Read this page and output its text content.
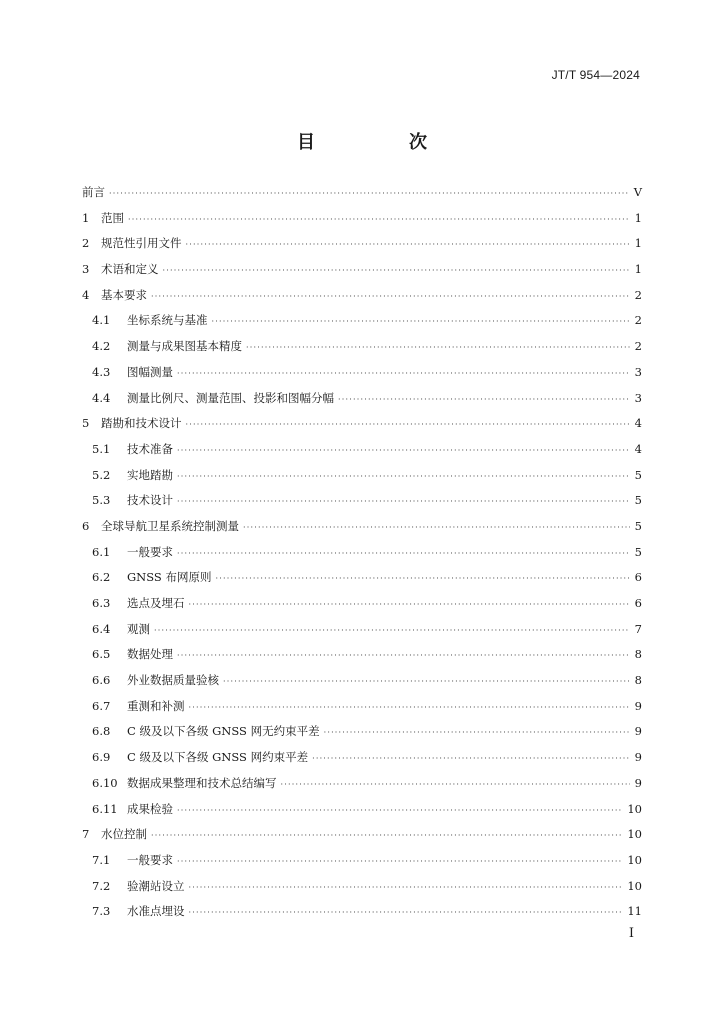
JT/T 954—2024
目　次
前言 ·····	Ⅴ
1	范围 ·····	1
2	规范性引用文件 ·····	1
3	术语和定义 ·····	1
4	基本要求 ·····	2
4.1	坐标系统与基准 ·····	2
4.2	测量与成果图基本精度 ·····	2
4.3	图幅测量 ·····	3
4.4	测量比例尺、测量范围、投影和图幅分幅 ·····	3
5	踏勘和技术设计 ·····	4
5.1	技术准备 ·····	4
5.2	实地踏勘 ·····	5
5.3	技术设计 ·····	5
6	全球导航卫星系统控制测量 ·····	5
6.1	一般要求 ·····	5
6.2	GNSS 布网原则 ·····	6
6.3	选点及埋石 ·····	6
6.4	观测 ·····	7
6.5	数据处理 ·····	8
6.6	外业数据质量验核 ·····	8
6.7	重测和补测 ·····	9
6.8	C 级及以下各级 GNSS 网无约束平差 ·····	9
6.9	C 级及以下各级 GNSS 网约束平差 ·····	9
6.10 数据成果整理和技术总结编写 ·····	9
6.11 成果检验 ·····	10
7	水位控制 ·····	10
7.1	一般要求 ·····	10
7.2	验潮站设立 ·····	10
7.3	水准点埋设 ·····	11
I
